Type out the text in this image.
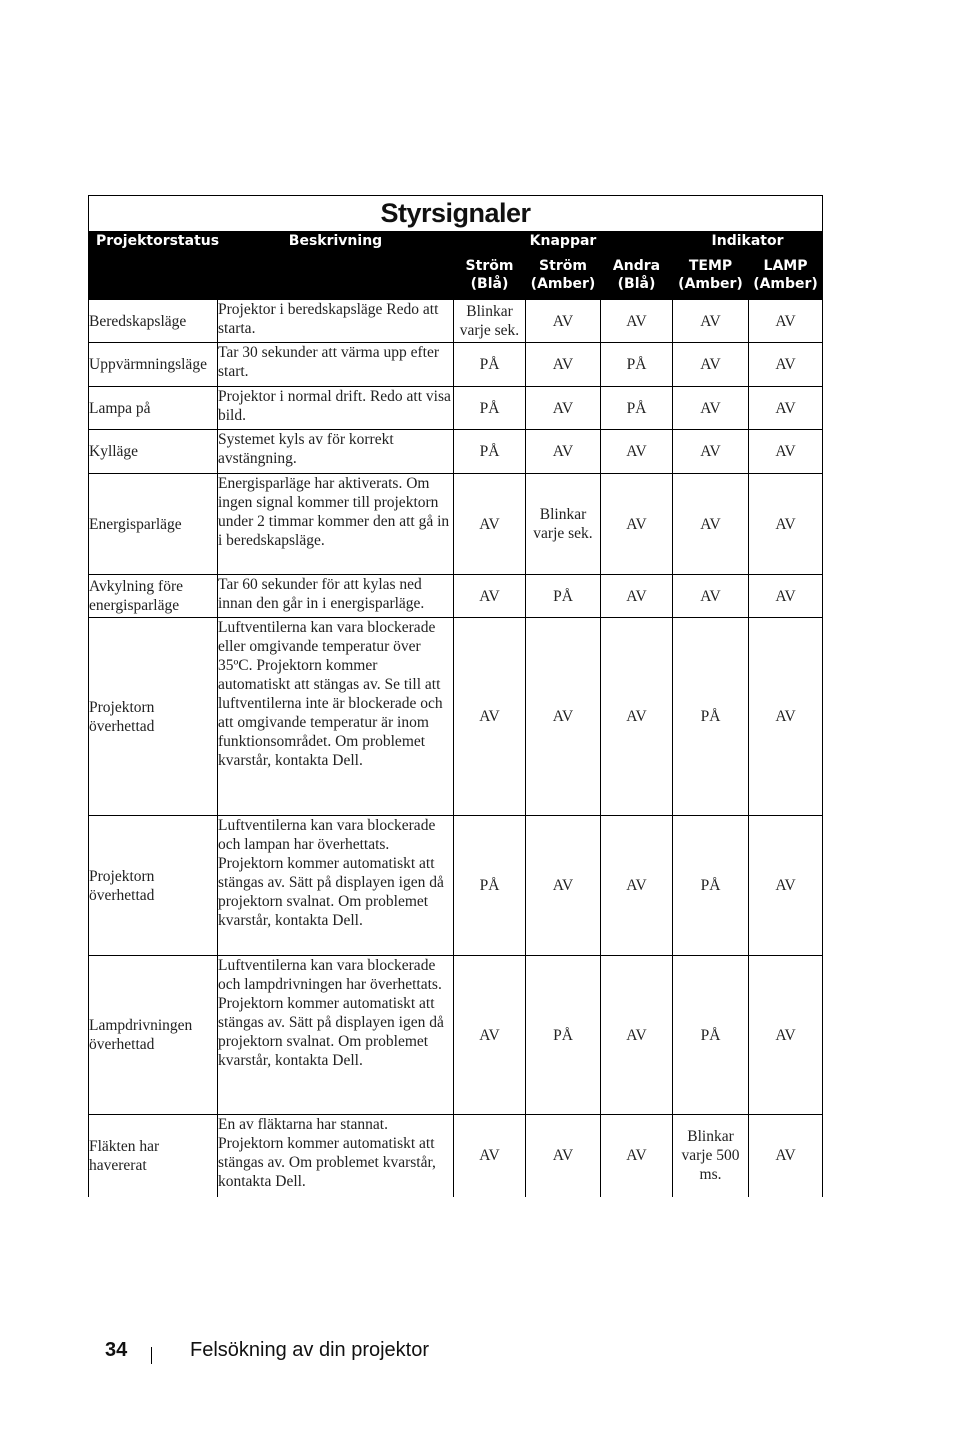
Styrsignaler						
Projektorstatus	Beskrivning		Knappar		Indikator	
		Ström (Blå)	Ström (Amber)	Andra (Blå)	TEMP (Amber)	LAMP (Amber)
Beredskapsläge	Projektor i beredskapsläge Redo att starta.	Blinkar varje sek.	AV	AV	AV	AV
Uppvärmningsläge	Tar 30 sekunder att värma upp efter start.	PÅ	AV	PÅ	AV	AV
Lampa på	Projektor i normal drift. Redo att visa bild.	PÅ	AV	PÅ	AV	AV
Kylläge	Systemet kyls av för korrekt avstängning.	PÅ	AV	AV	AV	AV
Energisparläge	Energisparläge har aktiverats. Om ingen signal kommer till projektorn under 2 timmar kommer den att gå in i beredskapsläge.	AV	Blinkar varje sek.	AV	AV	AV
Avkylning före energisparläge	Tar 60 sekunder för att kylas ned innan den går in i energisparläge.	AV	PÅ	AV	AV	AV
Projektorn överhettad	Luftventilerna kan vara blockerade eller omgivande temperatur över 35ºC. Projektorn kommer automatiskt att stängas av. Se till att luftventilerna inte är blockerade och att omgivande temperatur är inom funktionsområdet. Om problemet kvarstår, kontakta Dell.	AV	AV	AV	PÅ	AV
Projektorn överhettad	Luftventilerna kan vara blockerade och lampan har överhettats. Projektorn kommer automatiskt att stängas av. Sätt på displayen igen då projektorn svalnat. Om problemet kvarstår, kontakta Dell.	PÅ	AV	AV	PÅ	AV
Lampdrivningen överhettad	Luftventilerna kan vara blockerade och lampdrivningen har överhettats. Projektorn kommer automatiskt att stängas av. Sätt på displayen igen då projektorn svalnat. Om problemet kvarstår, kontakta Dell.	AV	PÅ	AV	PÅ	AV
Fläkten har havererat	En av fläktarna har stannat. Projektorn kommer automatiskt att stängas av. Om problemet kvarstår, kontakta Dell.	AV	AV	AV	Blinkar varje 500 ms.	AV
34	Felsökning av din projektor
